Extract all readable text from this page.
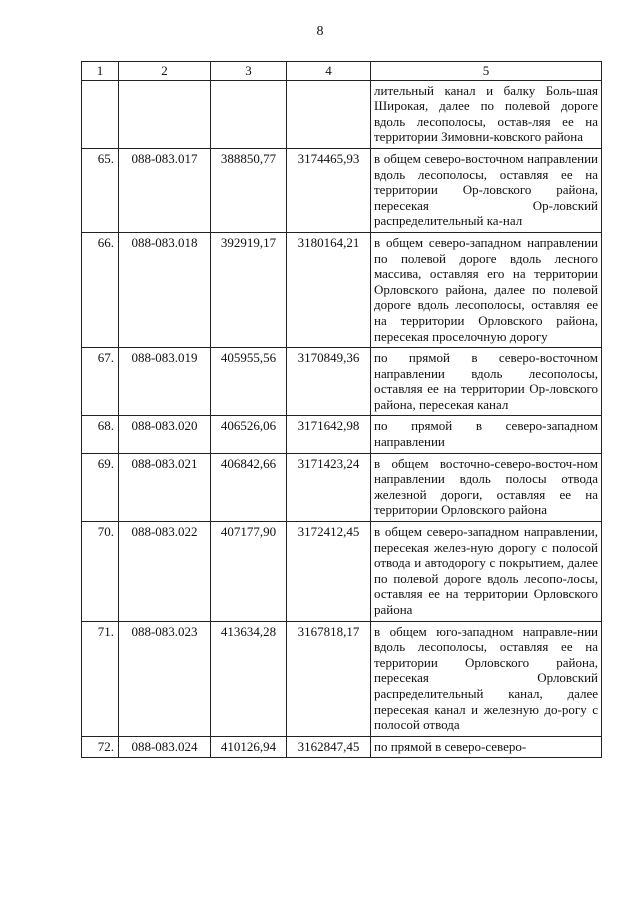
8
1	2	3	4	5
				лительный канал и балку Боль-шая Широкая, далее по полевой дороге вдоль лесополосы, остав-ляя ее на территории Зимовни-ковского района
65.	088-083.017	388850,77	3174465,93	в общем северо-восточном направлении вдоль лесополосы, оставляя ее на территории Ор-ловского района, пересекая Ор-ловский распределительный ка-нал
66.	088-083.018	392919,17	3180164,21	в общем северо-западном направлении по полевой дороге вдоль лесного массива, оставляя его на территории Орловского района, далее по полевой дороге вдоль лесополосы, оставляя ее на территории Орловского района, пересекая проселочную дорогу
67.	088-083.019	405955,56	3170849,36	по прямой в северо-восточном направлении вдоль лесополосы, оставляя ее на территории Ор-ловского района, пересекая канал
68.	088-083.020	406526,06	3171642,98	по прямой в северо-западном направлении
69.	088-083.021	406842,66	3171423,24	в общем восточно-северо-восточ-ном направлении вдоль полосы отвода железной дороги, оставляя ее на территории Орловского района
70.	088-083.022	407177,90	3172412,45	в общем северо-западном направлении, пересекая желез-ную дорогу с полосой отвода и автодорогу с покрытием, далее по полевой дороге вдоль лесопо-лосы, оставляя ее на территории Орловского района
71.	088-083.023	413634,28	3167818,17	в общем юго-западном направле-нии вдоль лесополосы, оставляя ее на территории Орловского района, пересекая Орловский распределительный канал, далее пересекая канал и железную до-рогу с полосой отвода
72.	088-083.024	410126,94	3162847,45	по прямой в северо-северо-
